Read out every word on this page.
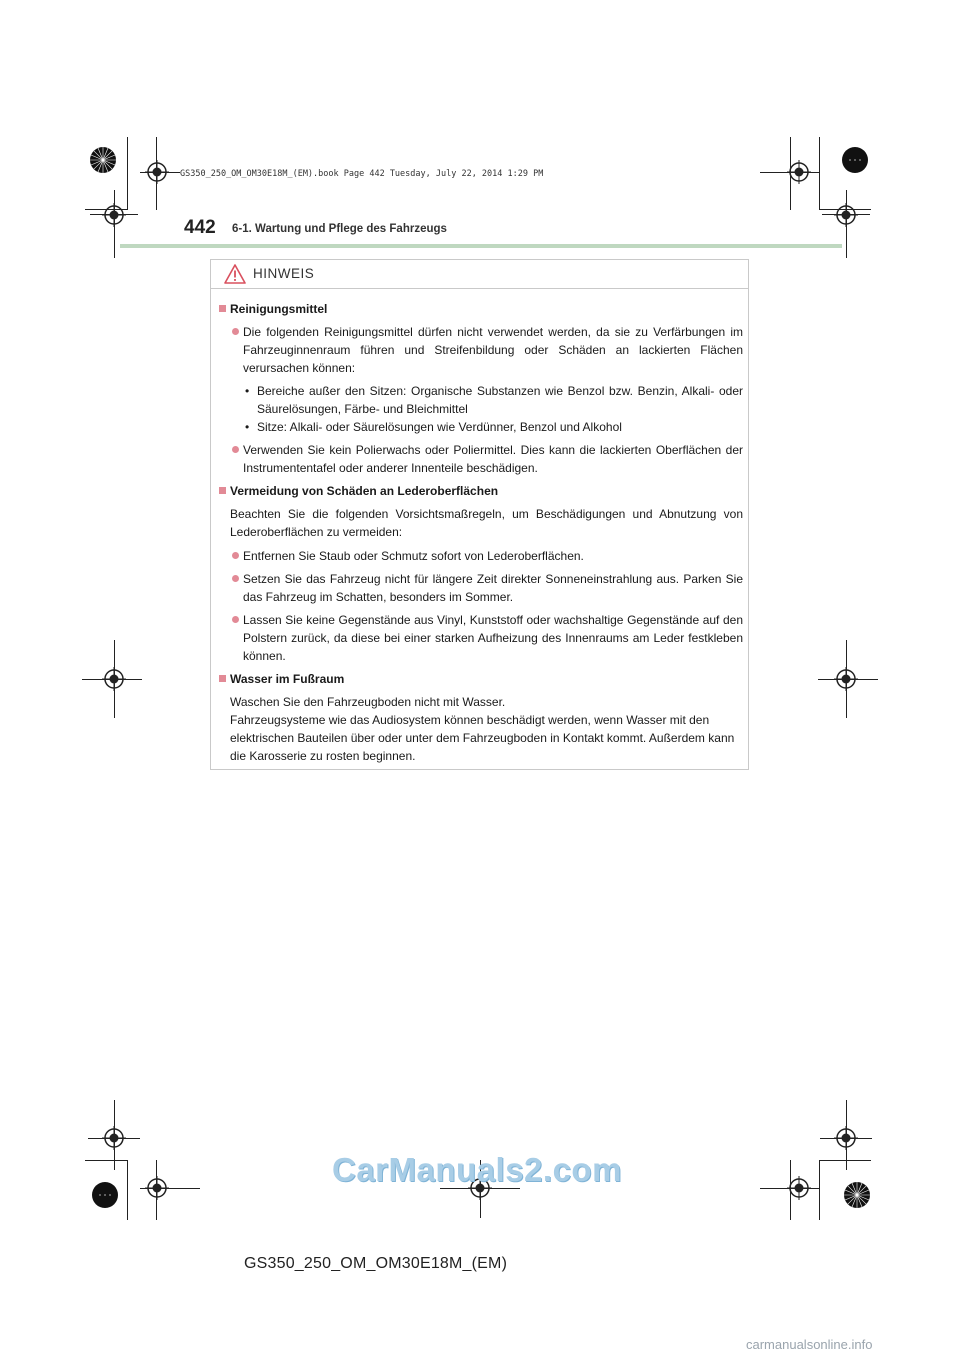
GS350_250_OM_OM30E18M_(EM).book Page 442 Tuesday, July 22, 2014 1:29 PM
442 6-1. Wartung und Pflege des Fahrzeugs
HINWEIS
Reinigungsmittel
Die folgenden Reinigungsmittel dürfen nicht verwendet werden, da sie zu Verfärbungen im Fahrzeuginnenraum führen und Streifenbildung oder Schäden an lackierten Flächen verursachen können:
• Bereiche außer den Sitzen: Organische Substanzen wie Benzol bzw. Benzin, Alkali- oder Säurelösungen, Färbe- und Bleichmittel
• Sitze: Alkali- oder Säurelösungen wie Verdünner, Benzol und Alkohol
Verwenden Sie kein Polierwachs oder Poliermittel. Dies kann die lackierten Oberflächen der Instrumententafel oder anderer Innenteile beschädigen.
Vermeidung von Schäden an Lederoberflächen
Beachten Sie die folgenden Vorsichtsmaßregeln, um Beschädigungen und Abnutzung von Lederoberflächen zu vermeiden:
Entfernen Sie Staub oder Schmutz sofort von Lederoberflächen.
Setzen Sie das Fahrzeug nicht für längere Zeit direkter Sonneneinstrahlung aus. Parken Sie das Fahrzeug im Schatten, besonders im Sommer.
Lassen Sie keine Gegenstände aus Vinyl, Kunststoff oder wachshaltige Gegenstände auf den Polstern zurück, da diese bei einer starken Aufheizung des Innenraums am Leder festkleben können.
Wasser im Fußraum
Waschen Sie den Fahrzeugboden nicht mit Wasser.
Fahrzeugsysteme wie das Audiosystem können beschädigt werden, wenn Wasser mit den elektrischen Bauteilen über oder unter dem Fahrzeugboden in Kontakt kommt. Außerdem kann die Karosserie zu rosten beginnen.
CarManuals2.com
GS350_250_OM_OM30E18M_(EM)
carmanualsonline.info
